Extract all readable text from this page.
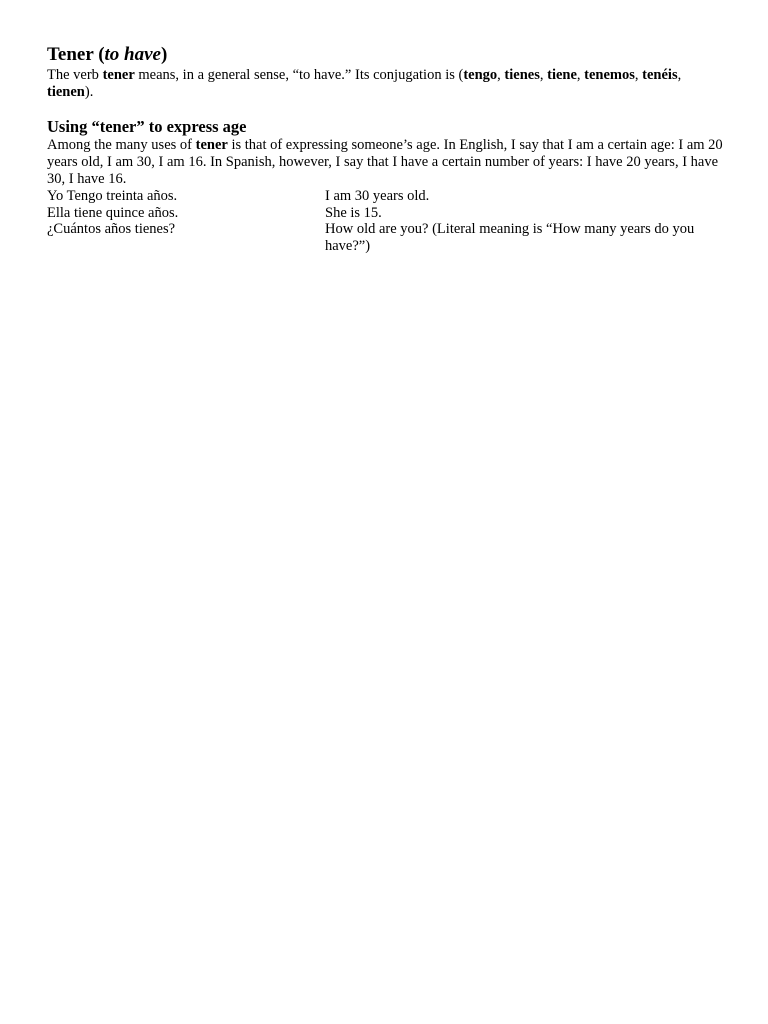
Tener (to have)

The verb tener means, in a general sense, “to have.” Its conjugation is (tengo, tienes, tiene, tenemos, tenéis, tienen).

Using “tener” to express age

Among the many uses of tener is that of expressing someone’s age. In English, I say that I am a certain age: I am 20 years old, I am 30, I am 16. In Spanish, however, I say that I have a certain number of years: I have 20 years, I have 30, I have 16.

Yo Tengo treinta años.	I am 30 years old.
Ella tiene quince años.	She is 15.
¿Cuántos años tienes?	How old are you? (Literal meaning is “How many years do you have?”)
